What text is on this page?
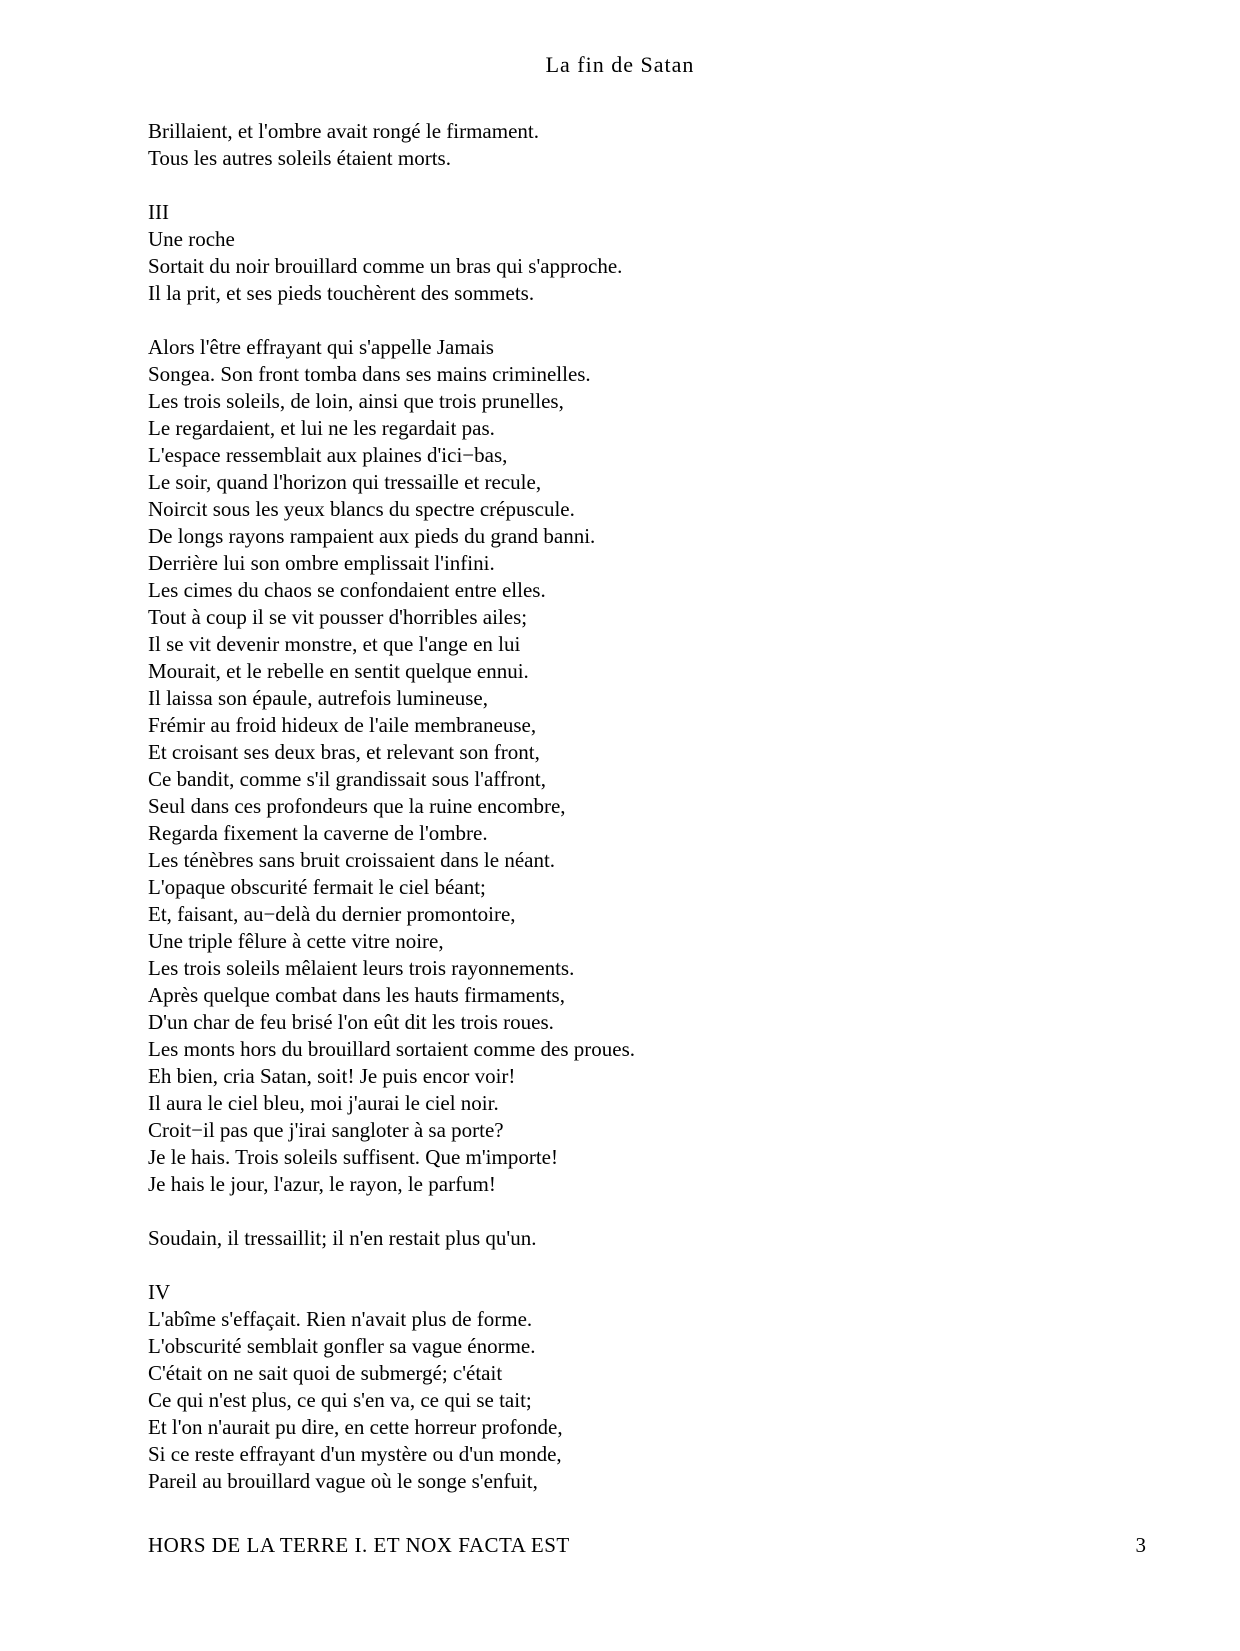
La fin de Satan
Brillaient, et l'ombre avait rongé le firmament.
Tous les autres soleils étaient morts.
III
Une roche
Sortait du noir brouillard comme un bras qui s'approche.
Il la prit, et ses pieds touchèrent des sommets.
Alors l'être effrayant qui s'appelle Jamais
Songea. Son front tomba dans ses mains criminelles.
Les trois soleils, de loin, ainsi que trois prunelles,
Le regardaient, et lui ne les regardait pas.
L'espace ressemblait aux plaines d'ici−bas,
Le soir, quand l'horizon qui tressaille et recule,
Noircit sous les yeux blancs du spectre crépuscule.
De longs rayons rampaient aux pieds du grand banni.
Derrière lui son ombre emplissait l'infini.
Les cimes du chaos se confondaient entre elles.
Tout à coup il se vit pousser d'horribles ailes;
Il se vit devenir monstre, et que l'ange en lui
Mourait, et le rebelle en sentit quelque ennui.
Il laissa son épaule, autrefois lumineuse,
Frémir au froid hideux de l'aile membraneuse,
Et croisant ses deux bras, et relevant son front,
Ce bandit, comme s'il grandissait sous l'affront,
Seul dans ces profondeurs que la ruine encombre,
Regarda fixement la caverne de l'ombre.
Les ténèbres sans bruit croissaient dans le néant.
L'opaque obscurité fermait le ciel béant;
Et, faisant, au−delà du dernier promontoire,
Une triple fêlure à cette vitre noire,
Les trois soleils mêlaient leurs trois rayonnements.
Après quelque combat dans les hauts firmaments,
D'un char de feu brisé l'on eût dit les trois roues.
Les monts hors du brouillard sortaient comme des proues.
Eh bien, cria Satan, soit! Je puis encor voir!
Il aura le ciel bleu, moi j'aurai le ciel noir.
Croit−il pas que j'irai sangloter à sa porte?
Je le hais. Trois soleils suffisent. Que m'importe!
Je hais le jour, l'azur, le rayon, le parfum!
Soudain, il tressaillit; il n'en restait plus qu'un.
IV
L'abîme s'effaçait. Rien n'avait plus de forme.
L'obscurité semblait gonfler sa vague énorme.
C'était on ne sait quoi de submergé; c'était
Ce qui n'est plus, ce qui s'en va, ce qui se tait;
Et l'on n'aurait pu dire, en cette horreur profonde,
Si ce reste effrayant d'un mystère ou d'un monde,
Pareil au brouillard vague où le songe s'enfuit,
HORS DE LA TERRE I. ET NOX FACTA EST	3
